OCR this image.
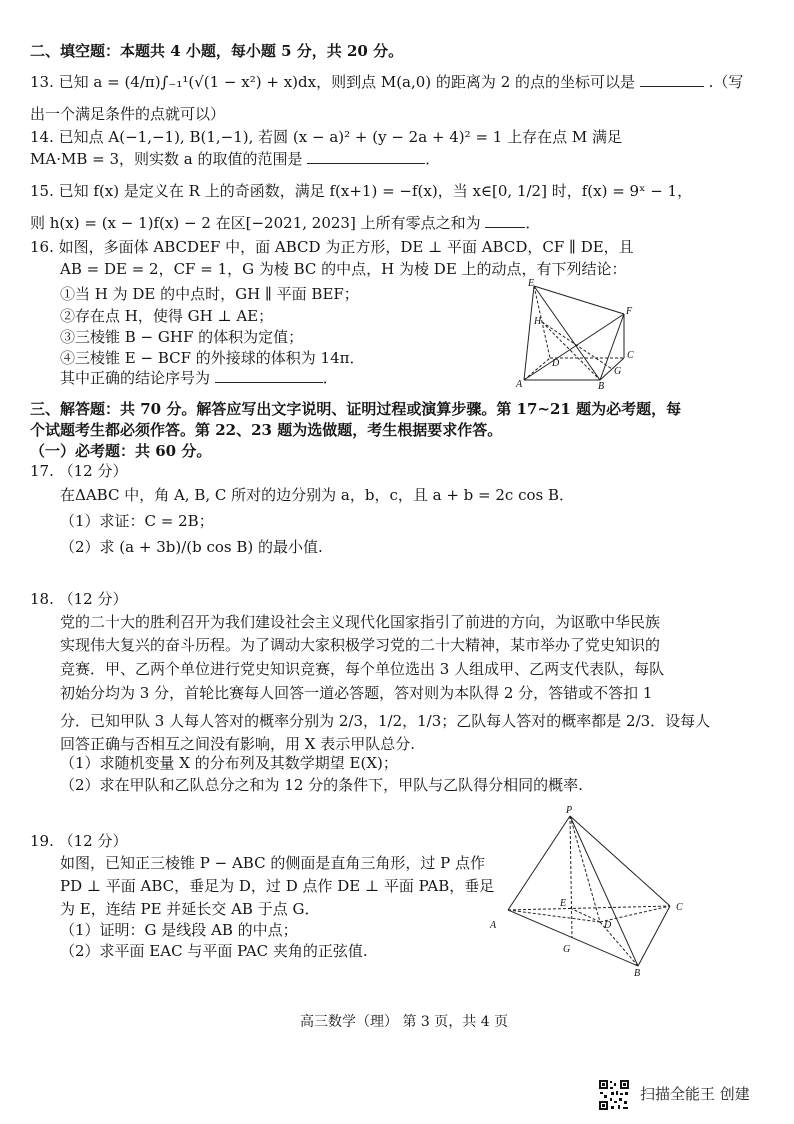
二、填空题：本题共 4 小题，每小题 5 分，共 20 分。
13. 已知 a = (4/π)∫₋₁¹(√(1 − x²) + x)dx，则到点 M(a,0) 的距离为 2 的点的坐标可以是	.（写
出一个满足条件的点就可以）
14. 已知点 A(−1,−1), B(1,−1), 若圆 (x − a)² + (y − 2a + 4)² = 1 上存在点 M 满足
MA·MB = 3，则实数 a 的取值的范围是	．
15. 已知 f(x) 是定义在 R 上的奇函数，满足 f(x+1) = −f(x)，当 x∈[0, 1/2] 时，f(x) = 9ˣ − 1，
则 h(x) = (x − 1)f(x) − 2 在区[−2021, 2023] 上所有零点之和为	．
16. 如图，多面体 ABCDEF 中，面 ABCD 为正方形，DE ⊥ 平面 ABCD，CF ∥ DE，且
AB = DE = 2，CF = 1，G 为棱 BC 的中点，H 为棱 DE 上的动点，有下列结论：
①当 H 为 DE 的中点时，GH ∥ 平面 BEF；
②存在点 H，使得 GH ⊥ AE；
③三棱锥 B − GHF 的体积为定值；
④三棱锥 E − BCF 的外接球的体积为 14π．
其中正确的结论序号为	．
E
H
F
D
C
G
A	B
三、解答题：共 70 分。解答应写出文字说明、证明过程或演算步骤。第 17~21 题为必考题，每
个试题考生都必须作答。第 22、23 题为选做题，考生根据要求作答。
（一）必考题：共 60 分。
17. （12 分）
在ΔABC 中，角 A, B, C 所对的边分别为 a，b，c，且 a + b = 2c cos B．
（1）求证：C = 2B；
（2）求 (a + 3b)/(b cos B) 的最小值.
18. （12 分）
党的二十大的胜利召开为我们建设社会主义现代化国家指引了前进的方向，为讴歌中华民族
实现伟大复兴的奋斗历程。为了调动大家积极学习党的二十大精神，某市举办了党史知识的
竞赛．甲、乙两个单位进行党史知识竞赛，每个单位选出 3 人组成甲、乙两支代表队，每队
初始分均为 3 分，首轮比赛每人回答一道必答题，答对则为本队得 2 分，答错或不答扣 1
分．已知甲队 3 人每人答对的概率分别为 2/3，1/2，1/3；乙队每人答对的概率都是 2/3．设每人
回答正确与否相互之间没有影响，用 X 表示甲队总分.
（1）求随机变量 X 的分布列及其数学期望 E(X)；
（2）求在甲队和乙队总分之和为 12 分的条件下，甲队与乙队得分相同的概率.
19. （12 分）
如图，已知正三棱锥 P − ABC 的侧面是直角三角形，过 P 点作
PD ⊥ 平面 ABC，垂足为 D，过 D 点作 DE ⊥ 平面 PAB，垂足
为 E，连结 PE 并延长交 AB 于点 G．
（1）证明：G 是线段 AB 的中点；
（2）求平面 EAC 与平面 PAC 夹角的正弦值.
P
E
D
A
C
G
B
高三数学（理） 第 3 页，共 4 页
扫描全能王 创建
